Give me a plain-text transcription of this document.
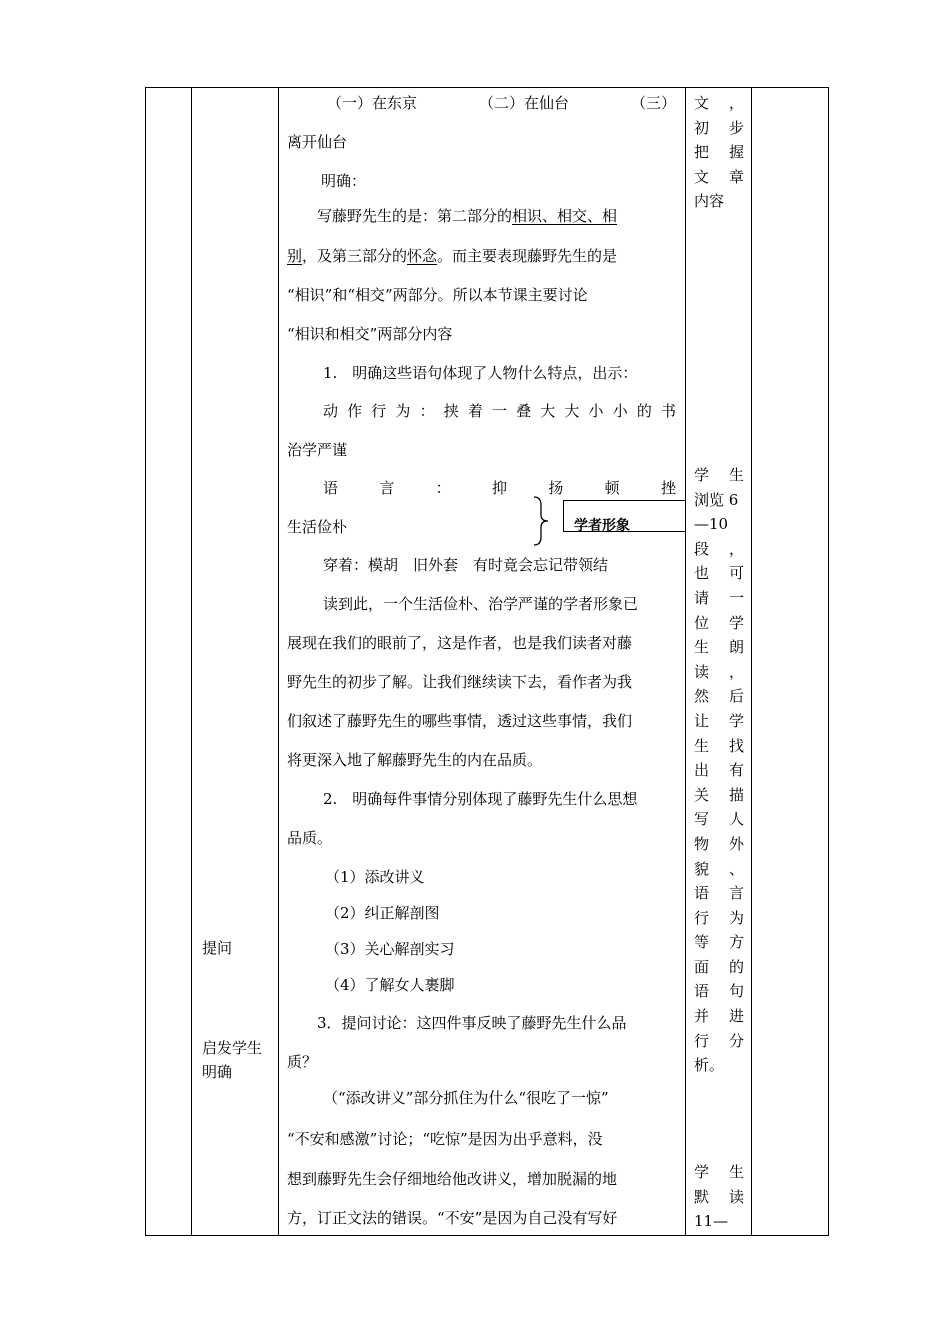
提问
启发学生
明确

（一）在东京	（二）在仙台	（三）
离开仙台
明确：
写藤野先生的是：第二部分的相识、相交、相
别，及第三部分的怀念。而主要表现藤野先生的是
“相识”和“相交”两部分。所以本节课主要讨论
“相识和相交”两部分内容
1.　明确这些语句体现了人物什么特点，出示：
动 作 行 为 ： 挟 着 一 叠 大 大 小 小 的 书
治学严谨
语	言	：	抑	扬	顿	挫
生活俭朴	学者形象
穿着：模胡　旧外套　有时竟会忘记带领结
读到此，一个生活俭朴、治学严谨的学者形象已
展现在我们的眼前了，这是作者，也是我们读者对藤
野先生的初步了解。让我们继续读下去，看作者为我
们叙述了藤野先生的哪些事情，透过这些事情，我们
将更深入地了解藤野先生的内在品质。
2.　明确每件事情分别体现了藤野先生什么思想
品质。
（1）添改讲义
（2）纠正解剖图
（3）关心解剖实习
（4）了解女人裹脚
3．提问讨论：这四件事反映了藤野先生什么品
质？
（“添改讲义”部分抓住为什么“很吃了一惊”
“不安和感激”讨论；“吃惊”是因为出乎意料，没
想到藤野先生会仔细地给他改讲义，增加脱漏的地
方，订正文法的错误。“不安”是因为自己没有写好

文 ，
初 步
把 握
文 章
内容
学 生
浏览 6
—10
段 ，
也 可
请 一
位 学
生 朗
读 ，
然 后
让 学
生 找
出 有
关 描
写 人
物 外
貌 、
语 言
行 为
等 方
面 的
语 句
并 进
行 分
析。
学 生
默 读
11—
